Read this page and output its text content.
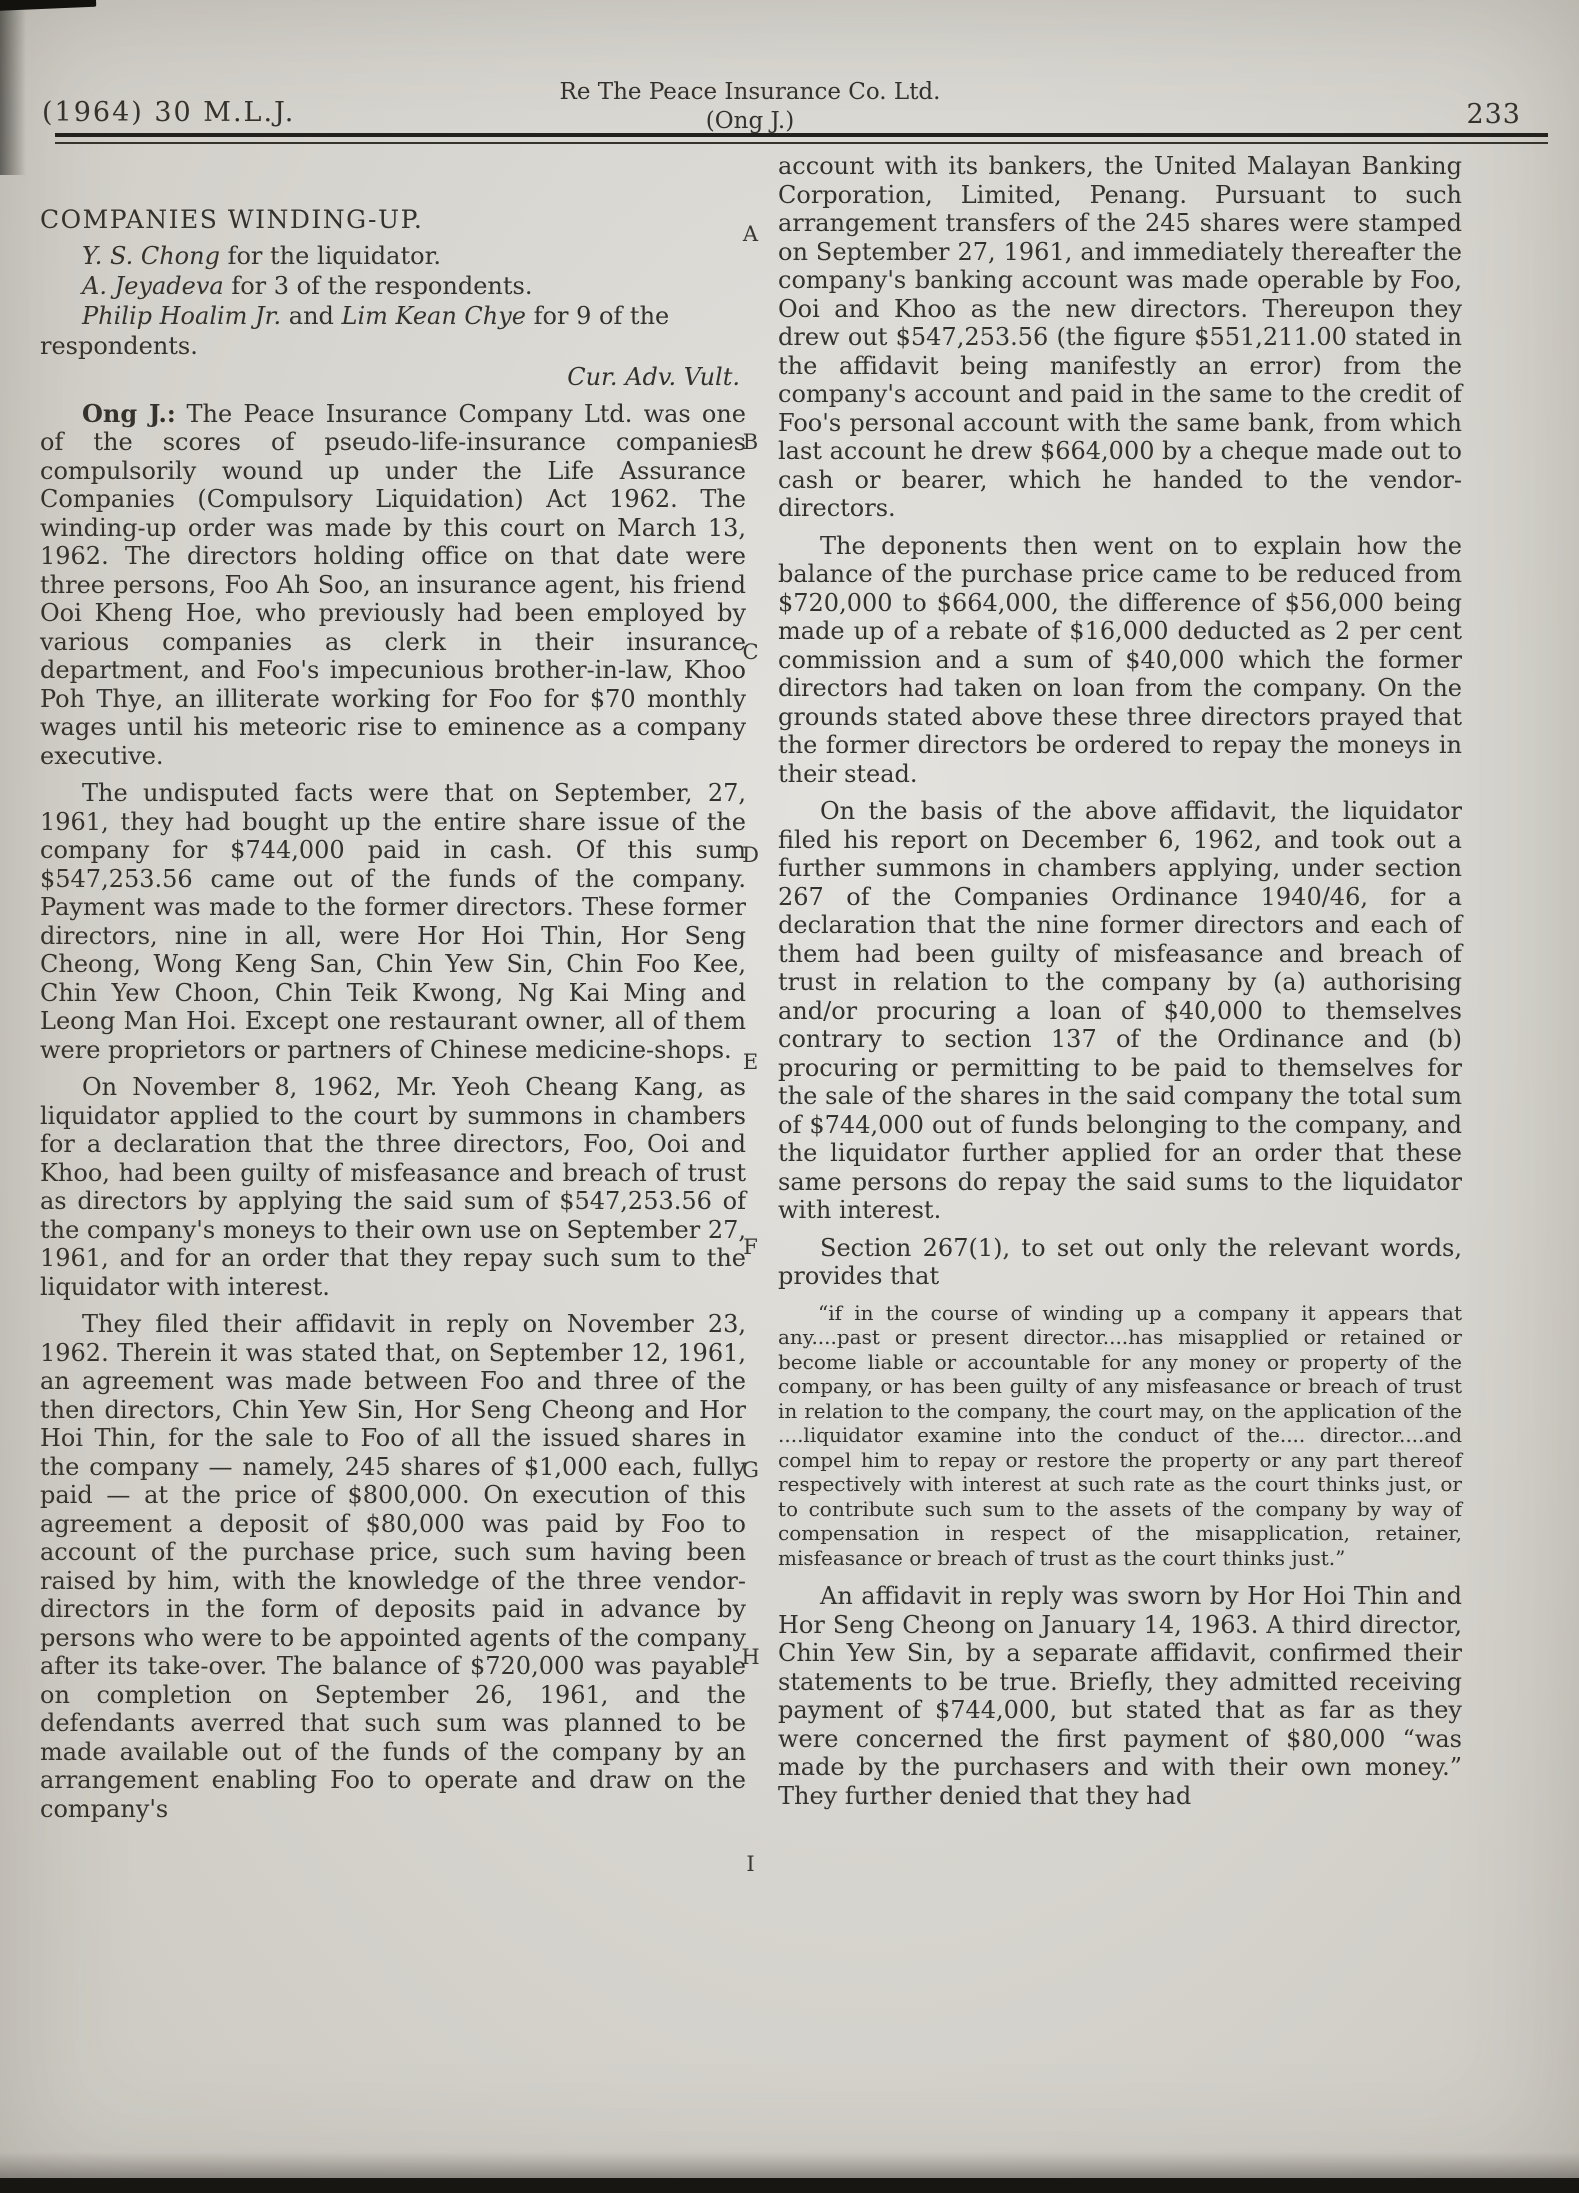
(1964) 30 M.L.J.
Re The Peace Insurance Co. Ltd.
(Ong J.)	233
A
B
C
D
E
F
G
H
I
COMPANIES WINDING-UP.

Y. S. Chong for the liquidator.

A. Jeyadeva for 3 of the respondents.

Philip Hoalim Jr. and Lim Kean Chye for 9 of the respondents.

Cur. Adv. Vult.

Ong J.: The Peace Insurance Company Ltd. was one of the scores of pseudo-life-insurance companies compulsorily wound up under the Life Assurance Companies (Compulsory Liquidation) Act 1962. The winding-up order was made by this court on March 13, 1962. The directors holding office on that date were three persons, Foo Ah Soo, an insurance agent, his friend Ooi Kheng Hoe, who previously had been employed by various companies as clerk in their insurance department, and Foo's impecunious brother-in-law, Khoo Poh Thye, an illiterate working for Foo for $70 monthly wages until his meteoric rise to eminence as a company executive.

The undisputed facts were that on September, 27, 1961, they had bought up the entire share issue of the company for $744,000 paid in cash. Of this sum $547,253.56 came out of the funds of the company. Payment was made to the former directors. These former directors, nine in all, were Hor Hoi Thin, Hor Seng Cheong, Wong Keng San, Chin Yew Sin, Chin Foo Kee, Chin Yew Choon, Chin Teik Kwong, Ng Kai Ming and Leong Man Hoi. Except one restaurant owner, all of them were proprietors or partners of Chinese medicine-shops.

On November 8, 1962, Mr. Yeoh Cheang Kang, as liquidator applied to the court by summons in chambers for a declaration that the three directors, Foo, Ooi and Khoo, had been guilty of misfeasance and breach of trust as directors by applying the said sum of $547,253.56 of the company's moneys to their own use on September 27, 1961, and for an order that they repay such sum to the liquidator with interest.

They filed their affidavit in reply on November 23, 1962. Therein it was stated that, on September 12, 1961, an agreement was made between Foo and three of the then directors, Chin Yew Sin, Hor Seng Cheong and Hor Hoi Thin, for the sale to Foo of all the issued shares in the company — namely, 245 shares of $1,000 each, fully paid — at the price of $800,000. On execution of this agreement a deposit of $80,000 was paid by Foo to account of the purchase price, such sum having been raised by him, with the knowledge of the three vendor-directors in the form of deposits paid in advance by persons who were to be appointed agents of the company after its take-over. The balance of $720,000 was payable on completion on September 26, 1961, and the defendants averred that such sum was planned to be made available out of the funds of the company by an arrangement enabling Foo to operate and draw on the company's

account with its bankers, the United Malayan Banking Corporation, Limited, Penang. Pursuant to such arrangement transfers of the 245 shares were stamped on September 27, 1961, and immediately thereafter the company's banking account was made operable by Foo, Ooi and Khoo as the new directors. Thereupon they drew out $547,253.56 (the figure $551,211.00 stated in the affidavit being manifestly an error) from the company's account and paid in the same to the credit of Foo's personal account with the same bank, from which last account he drew $664,000 by a cheque made out to cash or bearer, which he handed to the vendor-directors.

The deponents then went on to explain how the balance of the purchase price came to be reduced from $720,000 to $664,000, the difference of $56,000 being made up of a rebate of $16,000 deducted as 2 per cent commission and a sum of $40,000 which the former directors had taken on loan from the company. On the grounds stated above these three directors prayed that the former directors be ordered to repay the moneys in their stead.

On the basis of the above affidavit, the liquidator filed his report on December 6, 1962, and took out a further summons in chambers applying, under section 267 of the Companies Ordinance 1940/46, for a declaration that the nine former directors and each of them had been guilty of misfeasance and breach of trust in relation to the company by (a) authorising and/or procuring a loan of $40,000 to themselves contrary to section 137 of the Ordinance and (b) procuring or permitting to be paid to themselves for the sale of the shares in the said company the total sum of $744,000 out of funds belonging to the company, and the liquidator further applied for an order that these same persons do repay the said sums to the liquidator with interest.

Section 267(1), to set out only the relevant words, provides that

“if in the course of winding up a company it appears that any....past or present director....has misapplied or retained or become liable or accountable for any money or property of the company, or has been guilty of any misfeasance or breach of trust in relation to the company, the court may, on the application of the ....liquidator examine into the conduct of the.... director....and compel him to repay or restore the property or any part thereof respectively with interest at such rate as the court thinks just, or to contribute such sum to the assets of the company by way of compensation in respect of the misapplication, retainer, misfeasance or breach of trust as the court thinks just.”

An affidavit in reply was sworn by Hor Hoi Thin and Hor Seng Cheong on January 14, 1963. A third director, Chin Yew Sin, by a separate affidavit, confirmed their statements to be true. Briefly, they admitted receiving payment of $744,000, but stated that as far as they were concerned the first payment of $80,000 “was made by the purchasers and with their own money.” They further denied that they had
